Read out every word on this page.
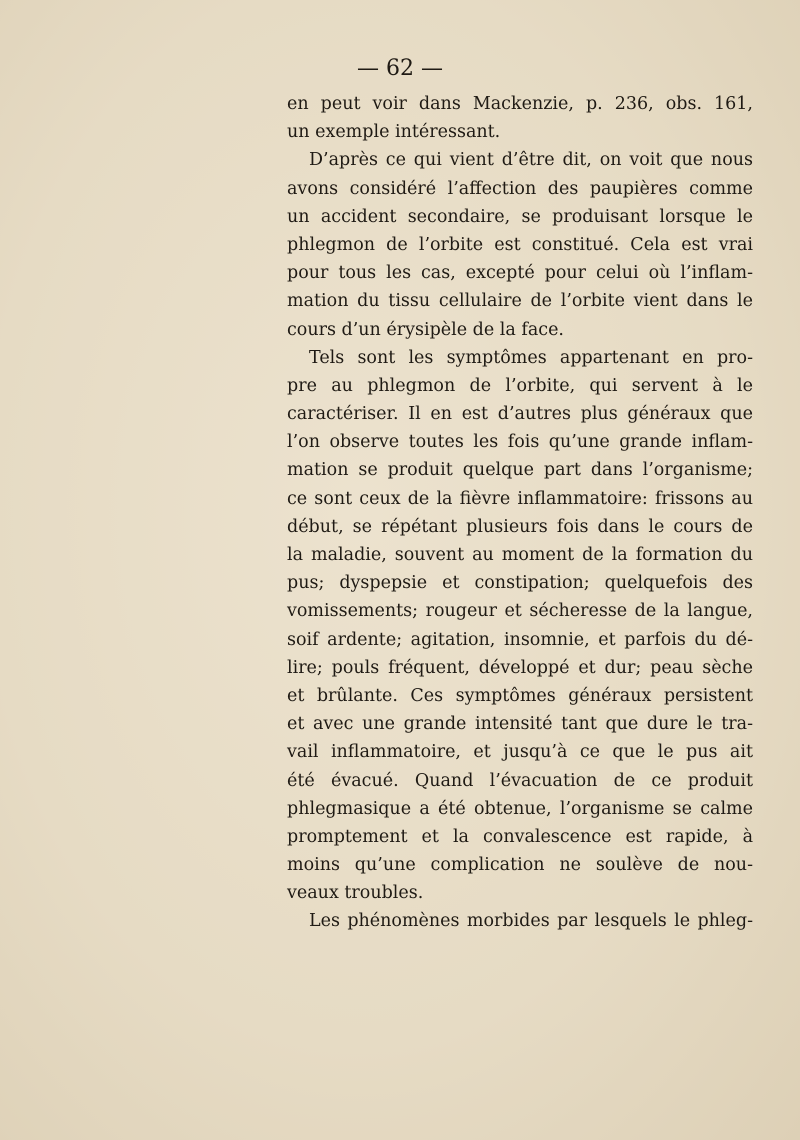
— 62 —
en peut voir dans Mackenzie, p. 236, obs. 161,
un exemple intéressant.
D’après ce qui vient d’être dit, on voit que nous
avons considéré l’affection des paupières comme
un accident secondaire, se produisant lorsque le
phlegmon de l’orbite est constitué. Cela est vrai
pour tous les cas, excepté pour celui où l’inflam-
mation du tissu cellulaire de l’orbite vient dans le
cours d’un érysipèle de la face.
Tels sont les symptômes appartenant en pro-
pre au phlegmon de l’orbite, qui servent à le
caractériser. Il en est d’autres plus généraux que
l’on observe toutes les fois qu’une grande inflam-
mation se produit quelque part dans l’organisme;
ce sont ceux de la fièvre inflammatoire: frissons au
début, se répétant plusieurs fois dans le cours de
la maladie, souvent au moment de la formation du
pus; dyspepsie et constipation; quelquefois des
vomissements; rougeur et sécheresse de la langue,
soif ardente; agitation, insomnie, et parfois du dé-
lire; pouls fréquent, développé et dur; peau sèche
et brûlante. Ces symptômes généraux persistent
et avec une grande intensité tant que dure le tra-
vail inflammatoire, et jusqu’à ce que le pus ait
été évacué. Quand l’évacuation de ce produit
phlegmasique a été obtenue, l’organisme se calme
promptement et la convalescence est rapide, à
moins qu’une complication ne soulève de nou-
veaux troubles.
Les phénomènes morbides par lesquels le phleg-
